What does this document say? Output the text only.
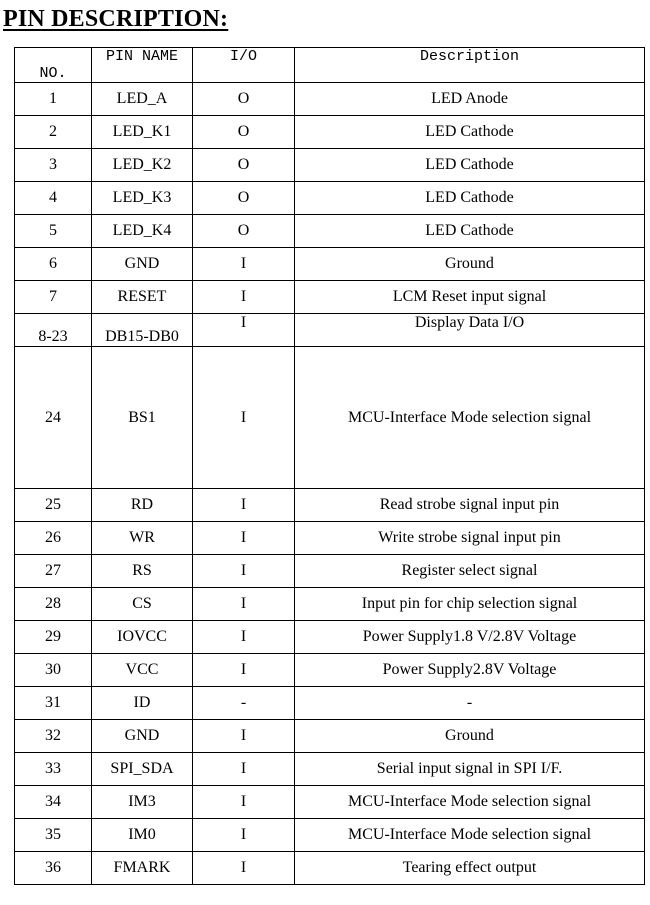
PIN DESCRIPTION:
NO.	PIN NAME	I/O	Description
1	LED_A	O	LED Anode
2	LED_K1	O	LED Cathode
3	LED_K2	O	LED Cathode
4	LED_K3	O	LED Cathode
5	LED_K4	O	LED Cathode
6	GND	I	Ground
7	RESET	I	LCM Reset input signal
8-23	DB15-DB0	I	Display Data I/O
24	BS1	I	MCU-Interface Mode selection signal
25	RD	I	Read strobe signal input pin
26	WR	I	Write strobe signal input pin
27	RS	I	Register select signal
28	CS	I	Input pin for chip selection signal
29	IOVCC	I	Power Supply1.8 V/2.8V Voltage
30	VCC	I	Power Supply2.8V Voltage
31	ID	-	-
32	GND	I	Ground
33	SPI_SDA	I	Serial input signal in SPI I/F.
34	IM3	I	MCU-Interface Mode selection signal
35	IM0	I	MCU-Interface Mode selection signal
36	FMARK	I	Tearing effect output
